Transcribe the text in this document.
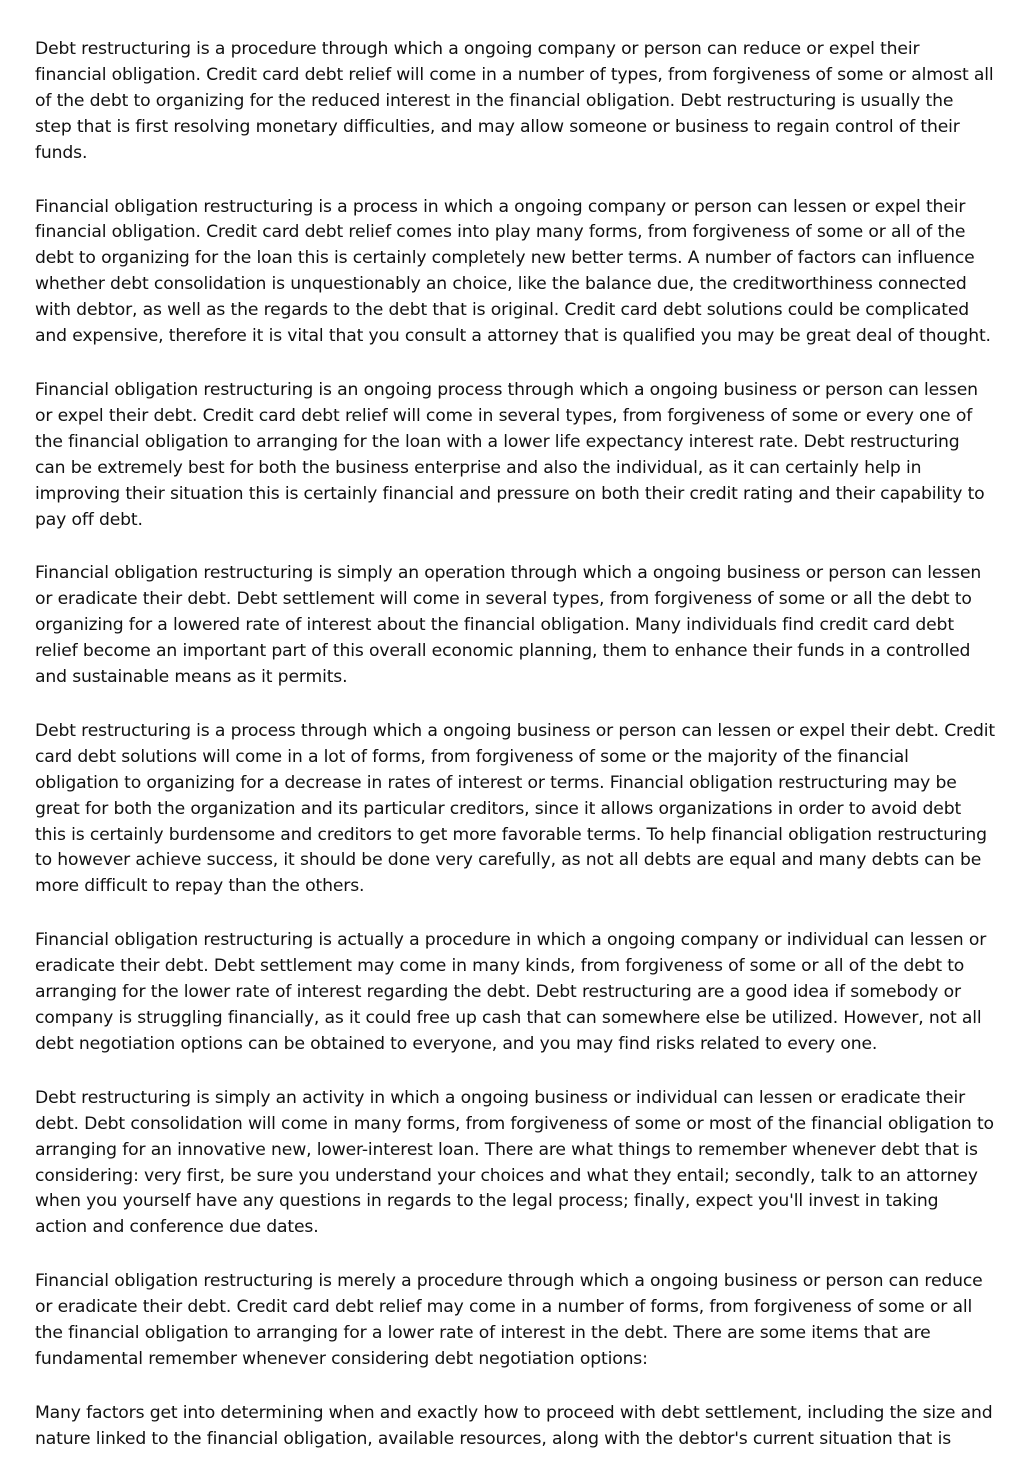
Debt restructuring is a procedure through which a ongoing company or person can reduce or expel their financial obligation. Credit card debt relief will come in a number of types, from forgiveness of some or almost all of the debt to organizing for the reduced interest in the financial obligation. Debt restructuring is usually the step that is first resolving monetary difficulties, and may allow someone or business to regain control of their funds.

Financial obligation restructuring is a process in which a ongoing company or person can lessen or expel their financial obligation. Credit card debt relief comes into play many forms, from forgiveness of some or all of the debt to organizing for the loan this is certainly completely new better terms. A number of factors can influence whether debt consolidation is unquestionably an choice, like the balance due, the creditworthiness connected with debtor, as well as the regards to the debt that is original. Credit card debt solutions could be complicated and expensive, therefore it is vital that you consult a attorney that is qualified you may be great deal of thought.

Financial obligation restructuring is an ongoing process through which a ongoing business or person can lessen or expel their debt. Credit card debt relief will come in several types, from forgiveness of some or every one of the financial obligation to arranging for the loan with a lower life expectancy interest rate. Debt restructuring can be extremely best for both the business enterprise and also the individual, as it can certainly help in improving their situation this is certainly financial and pressure on both their credit rating and their capability to pay off debt.

Financial obligation restructuring is simply an operation through which a ongoing business or person can lessen or eradicate their debt. Debt settlement will come in several types, from forgiveness of some or all the debt to organizing for a lowered rate of interest about the financial obligation. Many individuals find credit card debt relief become an important part of this overall economic planning, them to enhance their funds in a controlled and sustainable means as it permits.

Debt restructuring is a process through which a ongoing business or person can lessen or expel their debt. Credit card debt solutions will come in a lot of forms, from forgiveness of some or the majority of the financial obligation to organizing for a decrease in rates of interest or terms. Financial obligation restructuring may be great for both the organization and its particular creditors, since it allows organizations in order to avoid debt this is certainly burdensome and creditors to get more favorable terms. To help financial obligation restructuring to however achieve success, it should be done very carefully, as not all debts are equal and many debts can be more difficult to repay than the others.

Financial obligation restructuring is actually a procedure in which a ongoing company or individual can lessen or eradicate their debt. Debt settlement may come in many kinds, from forgiveness of some or all of the debt to arranging for the lower rate of interest regarding the debt. Debt restructuring are a good idea if somebody or company is struggling financially, as it could free up cash that can somewhere else be utilized. However, not all debt negotiation options can be obtained to everyone, and you may find risks related to every one.

Debt restructuring is simply an activity in which a ongoing business or individual can lessen or eradicate their debt. Debt consolidation will come in many forms, from forgiveness of some or most of the financial obligation to arranging for an innovative new, lower-interest loan. There are what things to remember whenever debt that is considering: very first, be sure you understand your choices and what they entail; secondly, talk to an attorney when you yourself have any questions in regards to the legal process; finally, expect you'll invest in taking action and conference due dates.

Financial obligation restructuring is merely a procedure through which a ongoing business or person can reduce or eradicate their debt. Credit card debt relief may come in a number of forms, from forgiveness of some or all the financial obligation to arranging for a lower rate of interest in the debt. There are some items that are fundamental remember whenever considering debt negotiation options:

Many factors get into determining when and exactly how to proceed with debt settlement, including the size and nature linked to the financial obligation, available resources, along with the debtor's current situation that is
